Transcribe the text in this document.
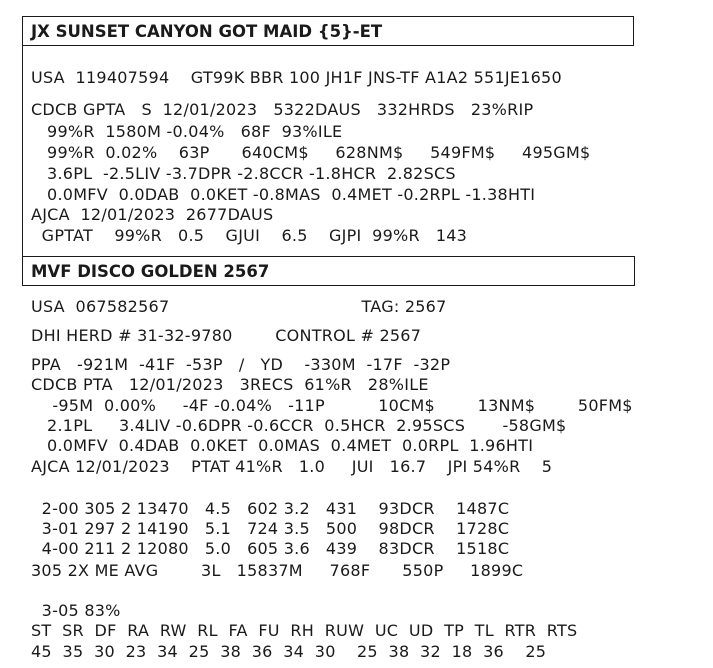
JX SUNSET CANYON GOT MAID {5}-ET
USA  119407594    GT99K BBR 100 JH1F JNS-TF A1A2 551JE1650
CDCB GPTA   S  12/01/2023   5322DAUS   332HRDS   23%RIP
99%R  1580M -0.04%   68F  93%ILE
99%R  0.02%    63P      640CM$     628NM$     549FM$     495GM$
3.6PL  -2.5LIV -3.7DPR -2.8CCR -1.8HCR  2.82SCS
0.0MFV  0.0DAB  0.0KET -0.8MAS  0.4MET -0.2RPL -1.38HTI
AJCA  12/01/2023  2677DAUS
GPTAT    99%R   0.5    GJUI    6.5    GJPI  99%R   143
MVF DISCO GOLDEN 2567
USA  067582567                                    TAG: 2567
DHI HERD # 31-32-9780        CONTROL # 2567
PPA   -921M  -41F  -53P   /   YD    -330M  -17F  -32P
CDCB PTA   12/01/2023   3RECS  61%R   28%ILE
-95M  0.00%     -4F -0.04%   -11P          10CM$        13NM$        50FM$
2.1PL     3.4LIV -0.6DPR -0.6CCR  0.5HCR  2.95SCS       -58GM$
0.0MFV  0.4DAB  0.0KET  0.0MAS  0.4MET  0.0RPL  1.96HTI
AJCA 12/01/2023    PTAT 41%R   1.0     JUI   16.7    JPI 54%R    5
2-00 305 2 13470   4.5   602 3.2   431    93DCR    1487C
3-01 297 2 14190   5.1   724 3.5   500    98DCR    1728C
4-00 211 2 12080   5.0   605 3.6   439    83DCR    1518C
305 2X ME AVG        3L   15837M     768F      550P     1899C
3-05 83%
ST  SR  DF  RA  RW  RL  FA  FU  RH  RUW  UC  UD  TP  TL  RTR  RTS
45  35  30  23  34  25  38  36  34  30    25  38  32  18  36    25
